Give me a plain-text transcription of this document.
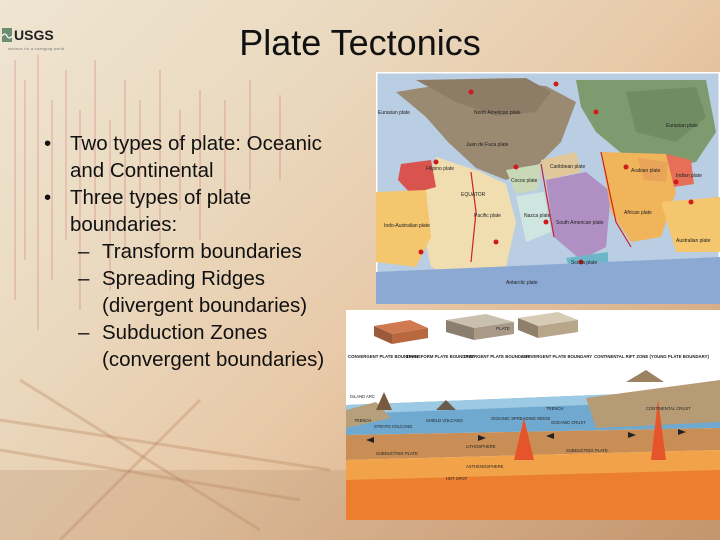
USGS
science for a changing world	Plate Tectonics
• Two types of plate: Oceanic and Continental
• Three types of plate boundaries:
– Transform boundaries
– Spreading Ridges (divergent boundaries)
– Subduction Zones (convergent boundaries)
Eurasian plate	North American plate
Juan de Fuca plate
Filipino plate	Caribbean plate
EQUATOR
Cocos plate
Pacific plate
Indo-Australian plate
Nazca plate
South American plate
Arabian plate
African plate
Eurasian plate
Indian plate
Australian plate
Scotia plate
Antarctic plate
PLATE
CONVERGENT PLATE BOUNDARY
TRANSFORM PLATE BOUNDARY
DIVERGENT PLATE BOUNDARY
CONVERGENT PLATE BOUNDARY CONTINENTAL RIFT ZONE (YOUNG PLATE BOUNDARY)
ISLAND ARC
STRATO VOLCANO
SHIELD VOLCANO	OCEANIC SPREADING RIDGE
TRENCH
TRENCH	OCEANIC CRUST
CONTINENTAL CRUST
LITHOSPHERE
ASTHENOSPHERE
SUBDUCTING PLATE
SUBDUCTING PLATE
HOT SPOT
